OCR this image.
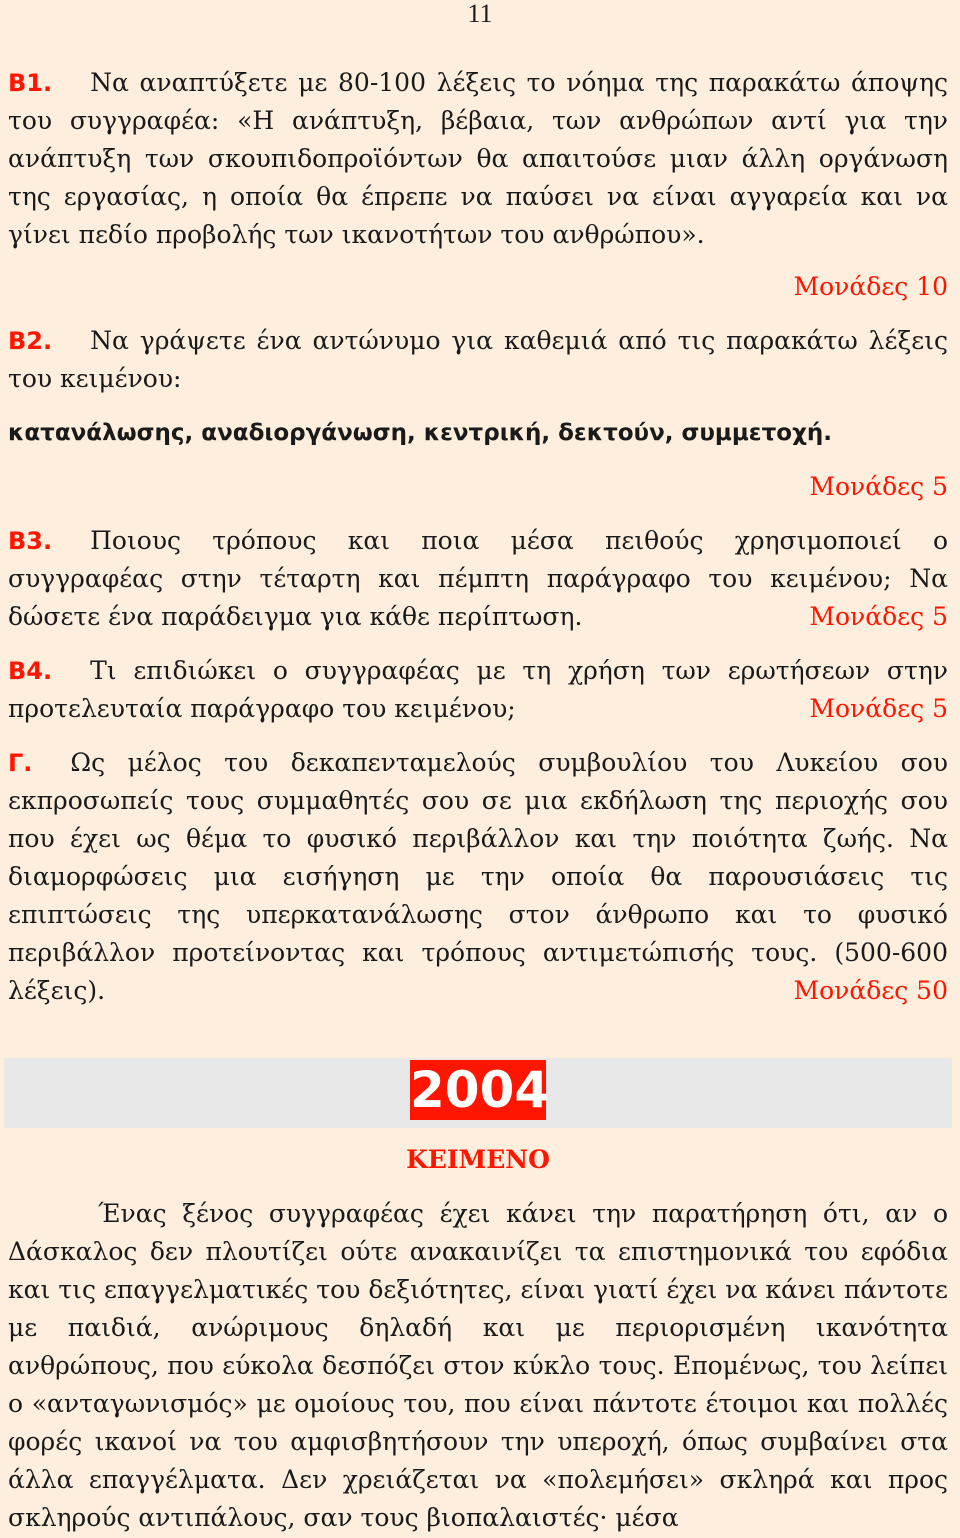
11

Β1. Να αναπτύξετε με 80-100 λέξεις το νόημα της παρακάτω άποψης του συγγραφέα: «Η ανάπτυξη, βέβαια, των ανθρώπων αντί για την ανάπτυξη των σκουπιδοπροϊόντων θα απαιτούσε μιαν άλλη οργάνωση της εργασίας, η οποία θα έπρεπε να παύσει να είναι αγγαρεία και να γίνει πεδίο προβολής των ικανοτήτων του ανθρώπου».

Μονάδες 10

Β2. Να γράψετε ένα αντώνυμο για καθεμιά από τις παρακάτω λέξεις του κειμένου:

κατανάλωσης, αναδιοργάνωση, κεντρική, δεκτούν, συμμετοχή.

Μονάδες 5

Β3. Ποιους τρόπους και ποια μέσα πειθούς χρησιμοποιεί ο συγγραφέας στην τέταρτη και πέμπτη παράγραφο του κειμένου; Να δώσετε ένα παράδειγμα για κάθε περίπτωση.	Μονάδες 5

Β4. Τι επιδιώκει ο συγγραφέας με τη χρήση των ερωτήσεων στην προτελευταία παράγραφο του κειμένου;	Μονάδες 5

Γ. Ως μέλος του δεκαπενταμελούς συμβουλίου του Λυκείου σου εκπροσωπείς τους συμμαθητές σου σε μια εκδήλωση της περιοχής σου που έχει ως θέμα το φυσικό περιβάλλον και την ποιότητα ζωής. Να διαμορφώσεις μια εισήγηση με την οποία θα παρουσιάσεις τις επιπτώσεις της υπερκατανάλωσης στον άνθρωπο και το φυσικό περιβάλλον προτείνοντας και τρόπους αντιμετώπισής τους. (500-600 λέξεις).	Μονάδες 50

2004
ΚΕΙΜΕΝΟ

Ένας ξένος συγγραφέας έχει κάνει την παρατήρηση ότι, αν ο Δάσκαλος δεν πλουτίζει ούτε ανακαινίζει τα επιστημονικά του εφόδια και τις επαγγελματικές του δεξιότητες, είναι γιατί έχει να κάνει πάντοτε με παιδιά, ανώριμους δηλαδή και με περιορισμένη ικανότητα ανθρώπους, που εύκολα δεσπόζει στον κύκλο τους. Επομένως, του λείπει ο «ανταγωνισμός» με ομοίους του, που είναι πάντοτε έτοιμοι και πολλές φορές ικανοί να του αμφισβητήσουν την υπεροχή, όπως συμβαίνει στα άλλα επαγγέλματα. Δεν χρειάζεται να «πολεμήσει» σκληρά και προς σκληρούς αντιπάλους, σαν τους βιοπαλαιστές· μέσα
